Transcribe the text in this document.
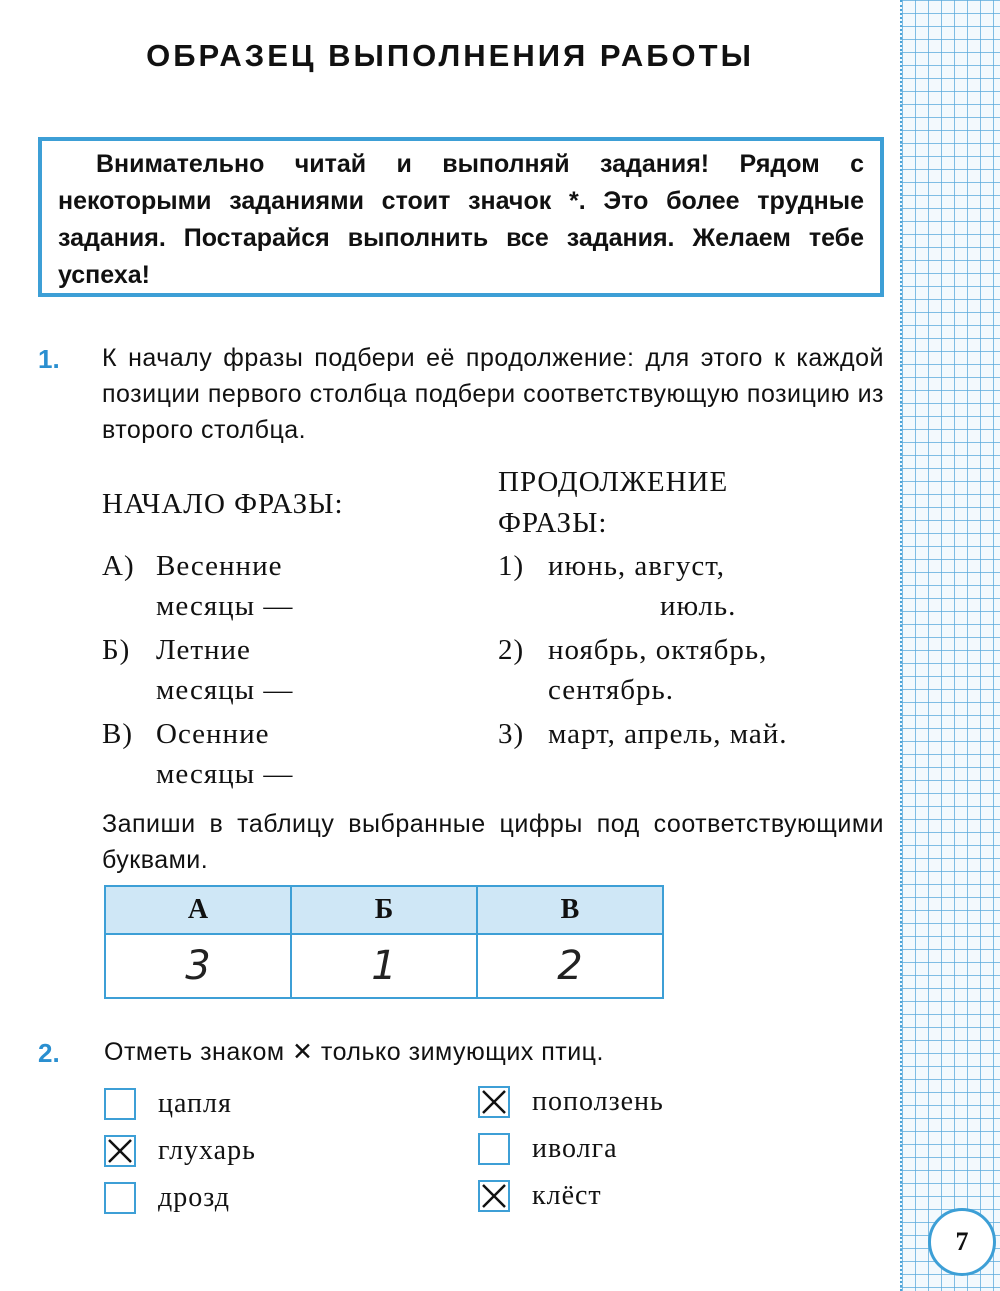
ОБРАЗЕЦ ВЫПОЛНЕНИЯ РАБОТЫ
Внимательно читай и выполняй задания! Рядом с некоторыми заданиями стоит значок *. Это более трудные задания. Постарайся выполнить все задания. Желаем тебе успеха!
1. К началу фразы подбери её продолжение: для этого к каждой позиции первого столбца подбери соответствующую позицию из второго столбца.
НАЧАЛО ФРАЗЫ:
ПРОДОЛЖЕНИЕ
ФРАЗЫ:
А) Весенние
месяцы —
Б) Летние
месяцы —
В) Осенние
месяцы —
1) июнь, август,
июль.
2) ноябрь, октябрь,
сентябрь.
3) март, апрель, май.
Запиши в таблицу выбранные цифры под соответствующими буквами.
А	Б	В
3	1	2
2. Отметь знаком ✕ только зимующих птиц.
цапля
глухарь
дрозд
поползень
иволга
клёст
7
